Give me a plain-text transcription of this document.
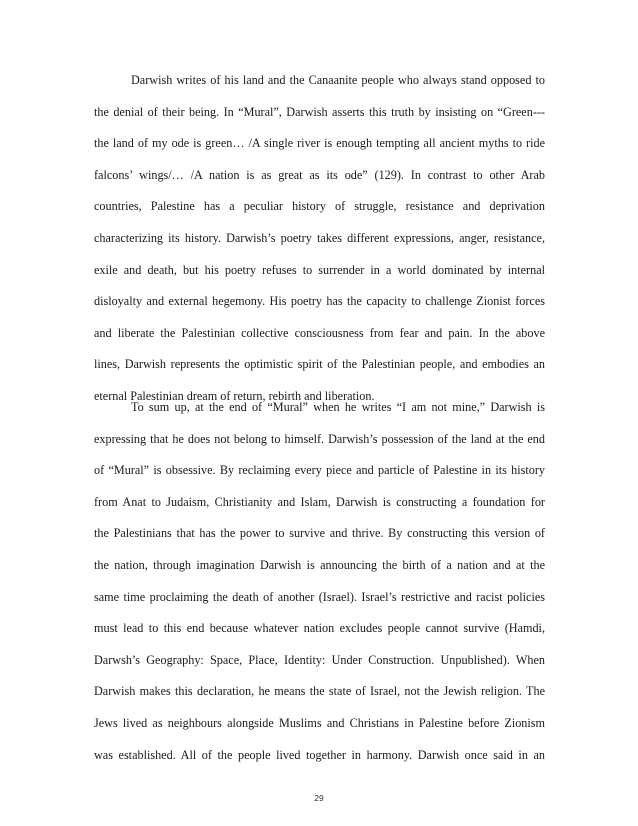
Darwish writes of his land and the Canaanite people who always stand opposed to
the denial of their being. In “Mural”, Darwish asserts this truth by insisting on “Green---
the land of my ode is green… /A single river is enough tempting all ancient myths to ride
falcons’ wings/… /A nation is as great as its ode” (129). In contrast to other Arab
countries, Palestine has a peculiar history of struggle, resistance and deprivation
characterizing its history. Darwish’s poetry takes different expressions, anger, resistance,
exile and death, but his poetry refuses to surrender in a world dominated by internal
disloyalty and external hegemony. His poetry has the capacity to challenge Zionist forces
and liberate the Palestinian collective consciousness from fear and pain. In the above
lines, Darwish represents the optimistic spirit of the Palestinian people, and embodies an
eternal Palestinian dream of return, rebirth and liberation.
To sum up, at the end of “Mural” when he writes “I am not mine,” Darwish is
expressing that he does not belong to himself. Darwish’s possession of the land at the end
of “Mural” is obsessive. By reclaiming every piece and particle of Palestine in its history
from Anat to Judaism, Christianity and Islam, Darwish is constructing a foundation for
the Palestinians that has the power to survive and thrive. By constructing this version of
the nation, through imagination Darwish is announcing the birth of a nation and at the
same time proclaiming the death of another (Israel). Israel’s restrictive and racist policies
must lead to this end because whatever nation excludes people cannot survive (Hamdi,
Darwsh’s Geography: Space, Place, Identity: Under Construction. Unpublished). When
Darwish makes this declaration, he means the state of Israel, not the Jewish religion. The
Jews lived as neighbours alongside Muslims and Christians in Palestine before Zionism
was established. All of the people lived together in harmony. Darwish once said in an
29
